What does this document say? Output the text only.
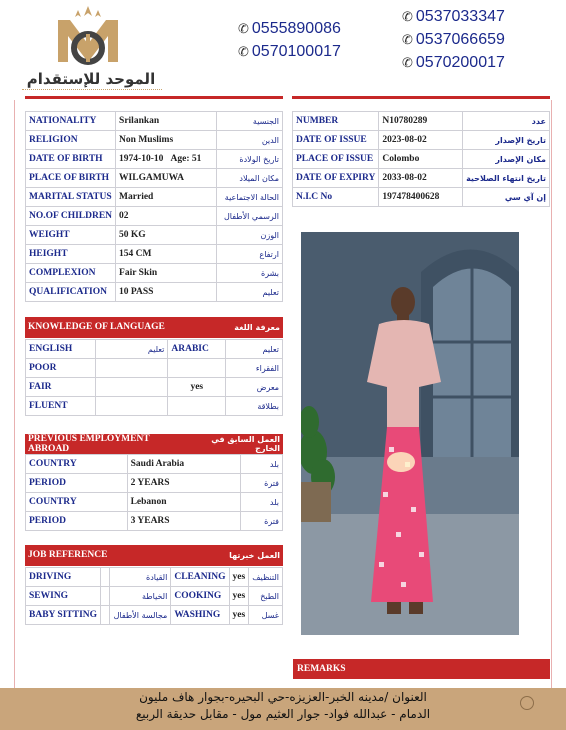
الموحد للإستقدام
✆ 0555890086
✆ 0570100017
✆ 0537033347
✆ 0537066659
✆ 0570200017
NATIONALITY	Srilankan	الجنسية
RELIGION	Non Muslims	الدين
DATE OF BIRTH	1974-10-10 Age: 51	تاريخ الولادة
PLACE OF BIRTH	WILGAMUWA	مكان الميلاد
MARITAL STATUS	Married	الحالة الاجتماعية
NO.OF CHILDREN	02	الرسمي الأطفال
WEIGHT	50 KG	الوزن
HEIGHT	154 CM	ارتفاع
COMPLEXION	Fair Skin	بشرة
QUALIFICATION	10 PASS	تعليم
NUMBER	N10780289	عدد
DATE OF ISSUE	2023-08-02	تاريخ الإصدار
PLACE OF ISSUE	Colombo	مكان الإصدار
DATE OF EXPIRY	2033-08-02	تاريخ انتهاء الصلاحية
N.I.C No	197478400628	إن آي سي
KNOWLEDGE OF LANGUAGE	معرفة اللغة
ENGLISH	تعليم	ARABIC	تعليم
POOR			الفقراء
FAIR		yes	معرض
FLUENT			بطلاقة
PREVIOUS EMPLOYMENT ABROAD
العمل السابق في الخارج
COUNTRY	Saudi Arabia	بلد
PERIOD	2 YEARS	فترة
COUNTRY	Lebanon	بلد
PERIOD	3 YEARS	فترة
JOB REFERENCE	العمل خبرتها
DRIVING		القيادة	CLEANING	yes	التنظيف
SEWING		الخياطة	COOKING	yes	الطبخ
BABY SITTING		مجالسة الأطفال	WASHING	yes	غسل
REMARKS
العنوان /مدينه الخبر-العزيزه-حي البحيره-بجوار هاف مليون
الدمام - عبدالله فواد- جوار العثيم مول - مقابل حديقة الربيع
